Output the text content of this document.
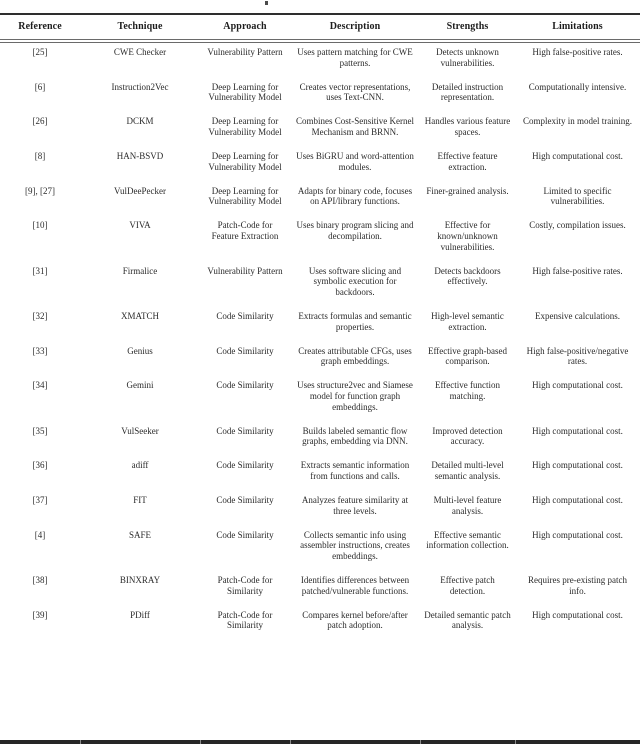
Reference	Technique	Approach	Description	Strengths	Limitations
[25]	CWE Checker	Vulnerability Pattern	Uses pattern matching for CWE patterns.	Detects unknown vulnerabilities.	High false-positive rates.
[6]	Instruction2Vec	Deep Learning for Vulnerability Model	Creates vector representations, uses Text-CNN.	Detailed instruction representation.	Computationally intensive.
[26]	DCKM	Deep Learning for Vulnerability Model	Combines Cost-Sensitive Kernel Mechanism and BRNN.	Handles various feature spaces.	Complexity in model training.
[8]	HAN-BSVD	Deep Learning for Vulnerability Model	Uses BiGRU and word-attention modules.	Effective feature extraction.	High computational cost.
[9], [27]	VulDeePecker	Deep Learning for Vulnerability Model	Adapts for binary code, focuses on API/library functions.	Finer-grained analysis.	Limited to specific vulnerabilities.
[10]	VIVA	Patch-Code for Feature Extraction	Uses binary program slicing and decompilation.	Effective for known/unknown vulnerabilities.	Costly, compilation issues.
[31]	Firmalice	Vulnerability Pattern	Uses software slicing and symbolic execution for backdoors.	Detects backdoors effectively.	High false-positive rates.
[32]	XMATCH	Code Similarity	Extracts formulas and semantic properties.	High-level semantic extraction.	Expensive calculations.
[33]	Genius	Code Similarity	Creates attributable CFGs, uses graph embeddings.	Effective graph-based comparison.	High false-positive/negative rates.
[34]	Gemini	Code Similarity	Uses structure2vec and Siamese model for function graph embeddings.	Effective function matching.	High computational cost.
[35]	VulSeeker	Code Similarity	Builds labeled semantic flow graphs, embedding via DNN.	Improved detection accuracy.	High computational cost.
[36]	adiff	Code Similarity	Extracts semantic information from functions and calls.	Detailed multi-level semantic analysis.	High computational cost.
[37]	FIT	Code Similarity	Analyzes feature similarity at three levels.	Multi-level feature analysis.	High computational cost.
[4]	SAFE	Code Similarity	Collects semantic info using assembler instructions, creates embeddings.	Effective semantic information collection.	High computational cost.
[38]	BINXRAY	Patch-Code for Similarity	Identifies differences between patched/vulnerable functions.	Effective patch detection.	Requires pre-existing patch info.
[39]	PDiff	Patch-Code for Similarity	Compares kernel before/after patch adoption.	Detailed semantic patch analysis.	High computational cost.
